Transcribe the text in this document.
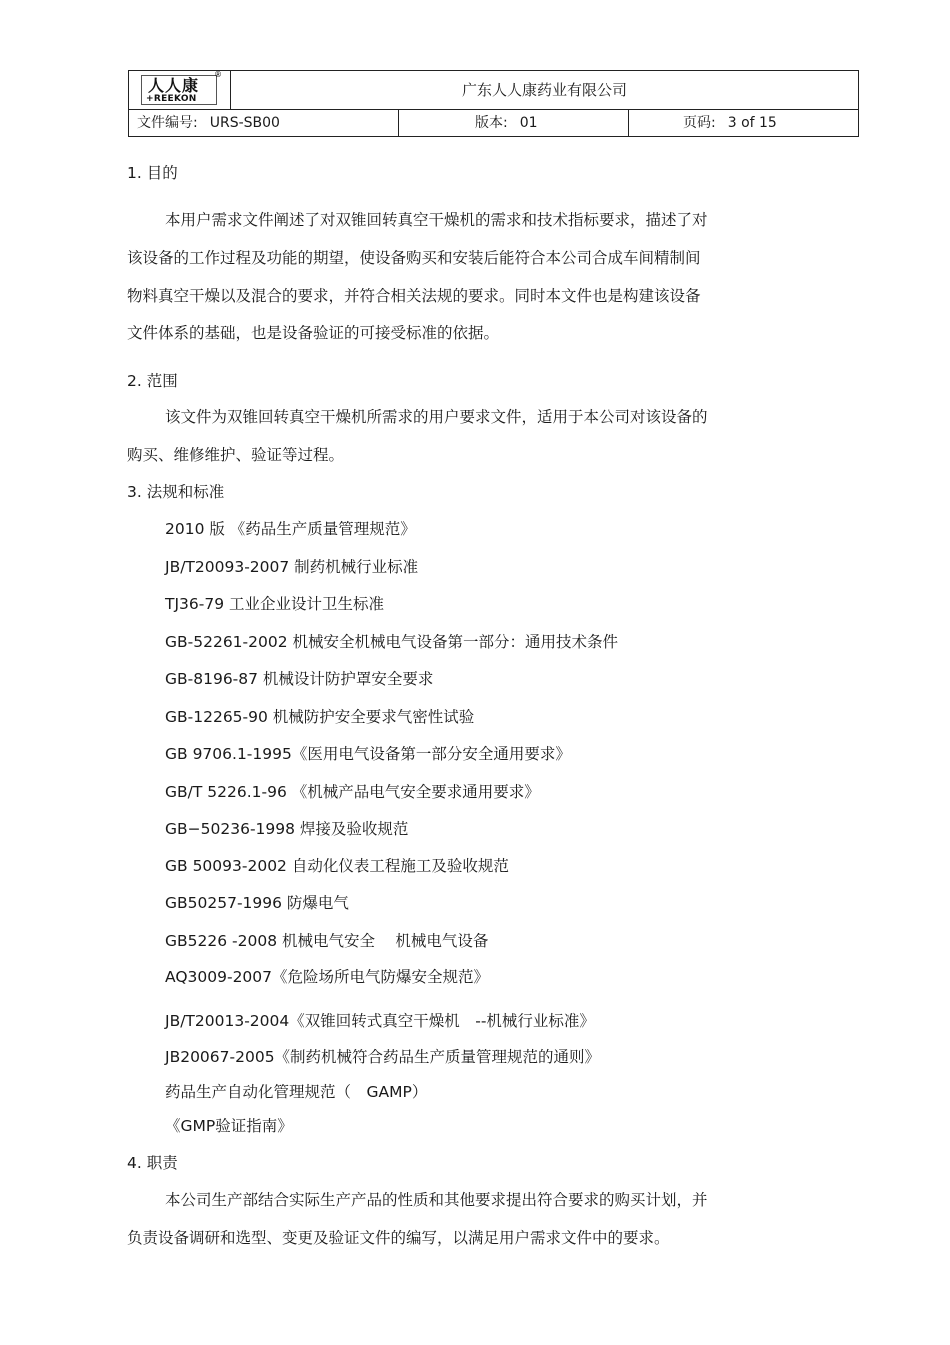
人人康
+REEKON
®
广东人人康药业有限公司
文件编号: URS-SB00	版本: 01	页码: 3 of 15
1. 目的
本用户需求文件阐述了对双锥回转真空干燥机的需求和技术指标要求，描述了对
该设备的工作过程及功能的期望，使设备购买和安装后能符合本公司合成车间精制间
物料真空干燥以及混合的要求，并符合相关法规的要求。同时本文件也是构建该设备
文件体系的基础，也是设备验证的可接受标准的依据。
2. 范围
该文件为双锥回转真空干燥机所需求的用户要求文件，适用于本公司对该设备的
购买、维修维护、验证等过程。
3. 法规和标准
2010 版 《药品生产质量管理规范》
JB/T20093-2007 制药机械行业标准
TJ36-79 工业企业设计卫生标准
GB-52261-2002 机械安全机械电气设备第一部分：通用技术条件
GB-8196-87 机械设计防护罩安全要求
GB-12265-90 机械防护安全要求气密性试验
GB 9706.1-1995《医用电气设备第一部分安全通用要求》
GB/T 5226.1-96 《机械产品电气安全要求通用要求》
GB−50236-1998 焊接及验收规范
GB 50093-2002 自动化仪表工程施工及验收规范
GB50257-1996 防爆电气
GB5226 -2008 机械电气安全　 机械电气设备
AQ3009-2007《危险场所电气防爆安全规范》
JB/T20013-2004《双锥回转式真空干燥机　--机械行业标准》
JB20067-2005《制药机械符合药品生产质量管理规范的通则》
药品生产自动化管理规范（　GAMP）
《GMP验证指南》
4. 职责
本公司生产部结合实际生产产品的性质和其他要求提出符合要求的购买计划，并
负责设备调研和选型、变更及验证文件的编写，以满足用户需求文件中的要求。
